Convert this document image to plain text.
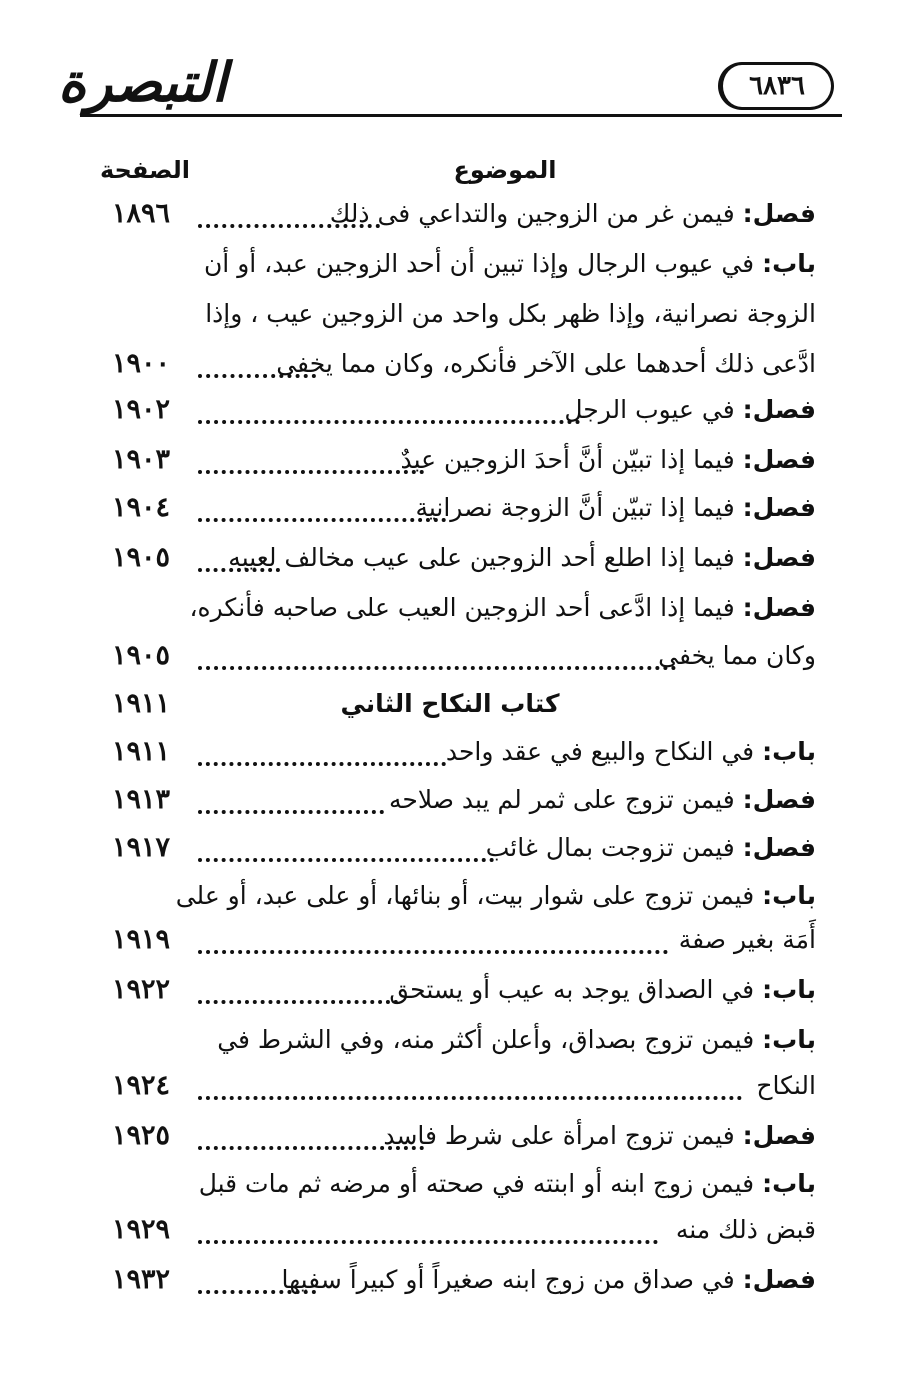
التبصرة	٦٨٣٦
الموضوع
الصفحة
فصل: فيمن غر من الزوجين والتداعي فى ذلك
١٨٩٦
باب: في عيوب الرجال وإذا تبين أن أحد الزوجين عبد، أو أن
الزوجة نصرانية، وإذا ظهر بكل واحد من الزوجين عيب ، وإذا
ادَّعى ذلك أحدهما على الآخر فأنكره، وكان مما يخفى
١٩٠٠
فصل: في عيوب الرجل
١٩٠٢
فصل: فيما إذا تبيّن أنَّ أحدَ الزوجين عبدٌ
١٩٠٣
فصل: فيما إذا تبيّن أنَّ الزوجة نصرانية
١٩٠٤
فصل: فيما إذا اطلع أحد الزوجين على عيب مخالف لعيبه
١٩٠٥
فصل: فيما إذا ادَّعى أحد الزوجين العيب على صاحبه فأنكره،
وكان مما يخفى
١٩٠٥
كتاب النكاح الثاني
١٩١١
باب: في النكاح والبيع في عقد واحد
١٩١١
فصل: فيمن تزوج على ثمر لم يبد صلاحه
١٩١٣
فصل: فيمن تزوجت بمال غائب
١٩١٧
باب: فيمن تزوج على شوار بيت، أو بنائها، أو على عبد، أو على
أَمَة بغير صفة
١٩١٩
باب: في الصداق يوجد به عيب أو يستحق
١٩٢٢
باب: فيمن تزوج بصداق، وأعلن أكثر منه، وفي الشرط في
النكاح
١٩٢٤
فصل: فيمن تزوج امرأة على شرط فاسد
١٩٢٥
باب: فيمن زوج ابنه أو ابنته في صحته أو مرضه ثم مات قبل
قبض ذلك منه
١٩٢٩
فصل: في صداق من زوج ابنه صغيراً أو كبيراً سفيها
١٩٣٢
